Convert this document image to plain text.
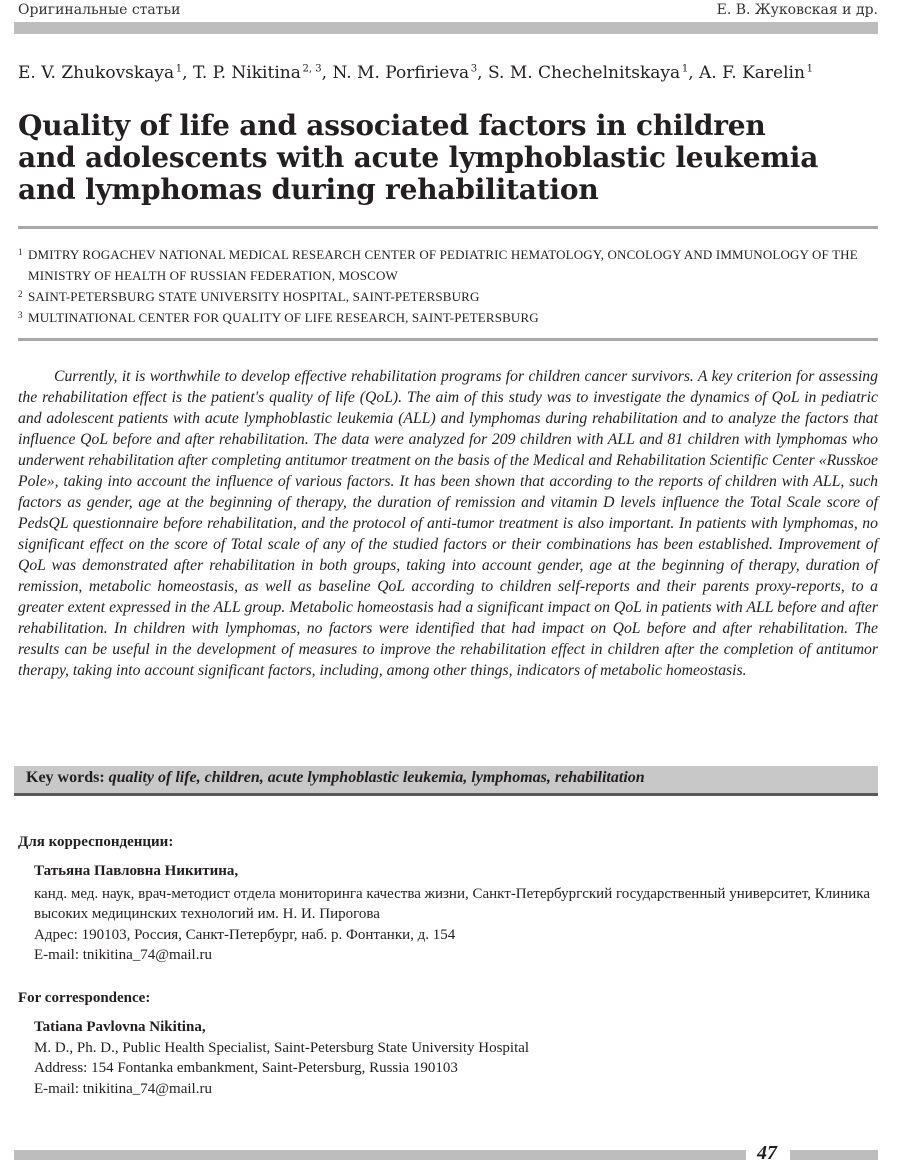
Оригинальные статьи	Е. В. Жуковская и др.
E. V. Zhukovskaya  $^1$, T. P. Nikitina  $^{2, 3}$, N. M. Porfirieva  $^3$, S. M. Chechelnitskaya  $^1$, A. F. Karelin  $^1$
Quality of life and associated factors in children
and adolescents with acute lymphoblastic leukemia
and lymphomas during rehabilitation
1 DMITRY ROGACHEV NATIONAL MEDICAL RESEARCH CENTER OF PEDIATRIC HEMATOLOGY, ONCOLOGY AND IMMUNOLOGY OF THE MINISTRY OF HEALTH OF RUSSIAN FEDERATION, MOSCOW
2 SAINT-PETERSBURG STATE UNIVERSITY HOSPITAL, SAINT-PETERSBURG
3 MULTINATIONAL CENTER FOR QUALITY OF LIFE RESEARCH, SAINT-PETERSBURG

Currently, it is worthwhile to develop effective rehabilitation programs for children cancer survivors. A key criterion for assessing the rehabilitation effect is the patient's quality of life (QoL). The aim of this study was to investigate the dynamics of QoL in pediatric and adolescent patients with acute lymphoblastic leukemia (ALL) and lymphomas during rehabilitation and to analyze the factors that influence QoL before and after rehabilitation. The data were analyzed for 209 children with ALL and 81 children with lymphomas who underwent rehabilitation after completing antitumor treatment on the basis of the Medical and Rehabilitation Scientific Center «Russkoe Pole», taking into account the influence of various factors. It has been shown that according to the reports of children with ALL, such factors as gender, age at the beginning of therapy, the duration of remission and vitamin D levels influence the Total Scale score of PedsQL questionnaire before rehabilitation, and the protocol of anti-tumor treatment is also important. In patients with lymphomas, no significant effect on the score of Total scale of any of the studied factors or their combinations has been established. Improvement of QoL was demonstrated after rehabilitation in both groups, taking into account gender, age at the beginning of therapy, duration of remission, metabolic homeostasis, as well as baseline QoL according to children self-reports and their parents proxy-reports, to a greater extent expressed in the ALL group. Metabolic homeostasis had a significant impact on QoL in patients with ALL before and after rehabilitation. In children with lymphomas, no factors were identified that had impact on QoL before and after rehabilitation. The results can be useful in the development of measures to improve the rehabilitation effect in children after the completion of antitumor therapy, taking into account significant factors, including, among other things, indicators of metabolic homeostasis.

Key words: quality of life, children, acute lymphoblastic leukemia, lymphomas, rehabilitation

Для корреспонденции:

Татьяна Павловна Никитина,
канд. мед. наук, врач-методист отдела мониторинга качества жизни, Санкт-Петербургский государственный университет, Клиника высоких медицинских технологий им. Н. И. Пирогова
Адрес: 190103, Россия, Санкт-Петербург, наб. р. Фонтанки, д. 154
E-mail: tnikitina_74@mail.ru

For correspondence:

Tatiana Pavlovna Nikitina,
M. D., Ph. D., Public Health Specialist, Saint-Petersburg State University Hospital
Address: 154 Fontanka embankment, Saint-Petersburg, Russia 190103
E-mail: tnikitina_74@mail.ru
47
